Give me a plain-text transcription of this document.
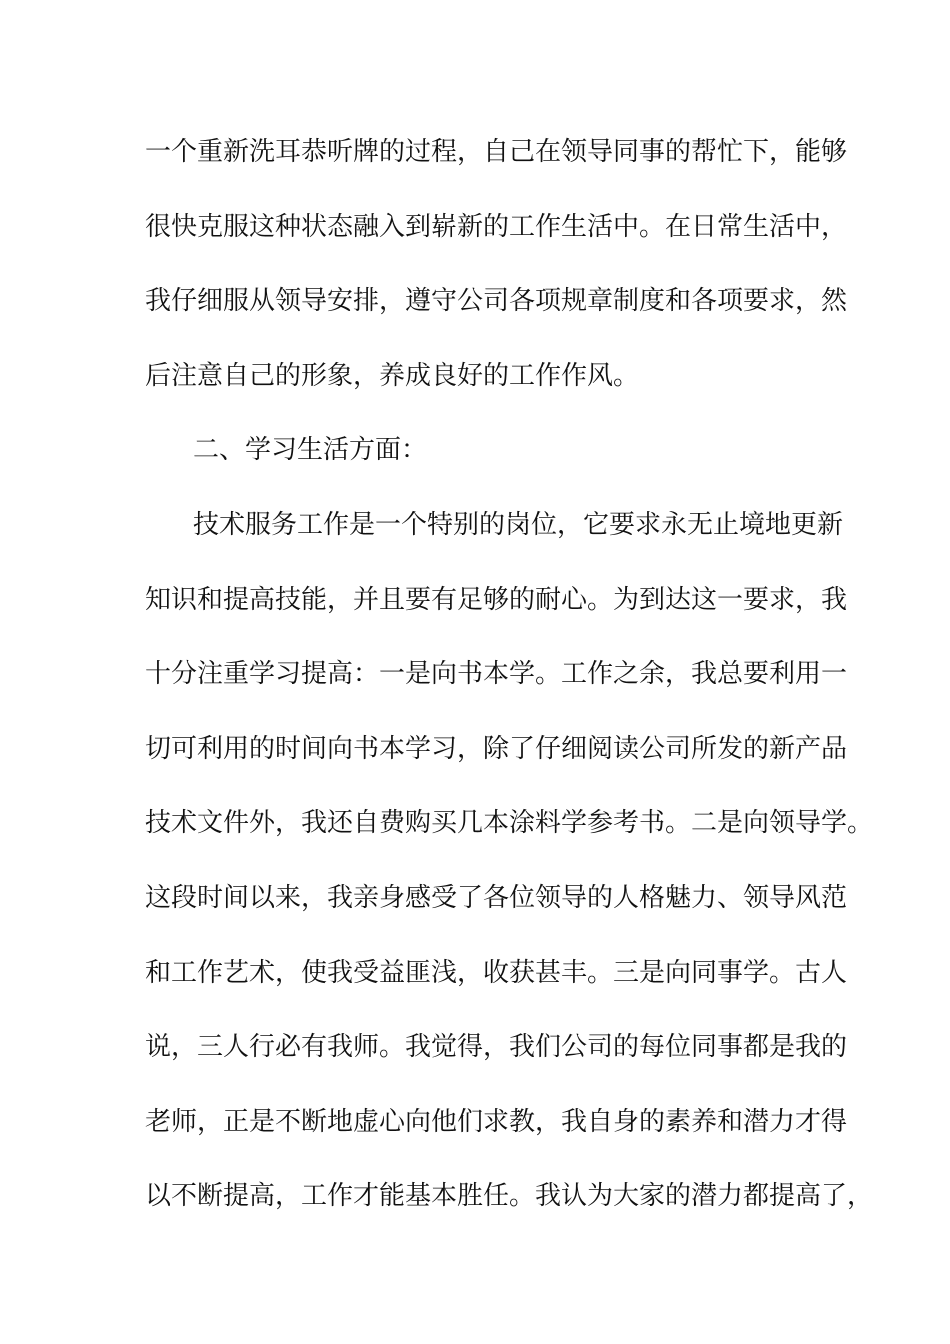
一个重新洗耳恭听牌的过程，自己在领导同事的帮忙下，能够
很快克服这种状态融入到崭新的工作生活中。在日常生活中，
我仔细服从领导安排，遵守公司各项规章制度和各项要求，然
后注意自己的形象，养成良好的工作作风。
二、学习生活方面：
技术服务工作是一个特别的岗位，它要求永无止境地更新
知识和提高技能，并且要有足够的耐心。为到达这一要求，我
十分注重学习提高：一是向书本学。工作之余，我总要利用一
切可利用的时间向书本学习，除了仔细阅读公司所发的新产品
技术文件外，我还自费购买几本涂料学参考书。二是向领导学。
这段时间以来，我亲身感受了各位领导的人格魅力、领导风范
和工作艺术，使我受益匪浅，收获甚丰。三是向同事学。古人
说，三人行必有我师。我觉得，我们公司的每位同事都是我的
老师，正是不断地虚心向他们求教，我自身的素养和潜力才得
以不断提高，工作才能基本胜任。我认为大家的潜力都提高了，
